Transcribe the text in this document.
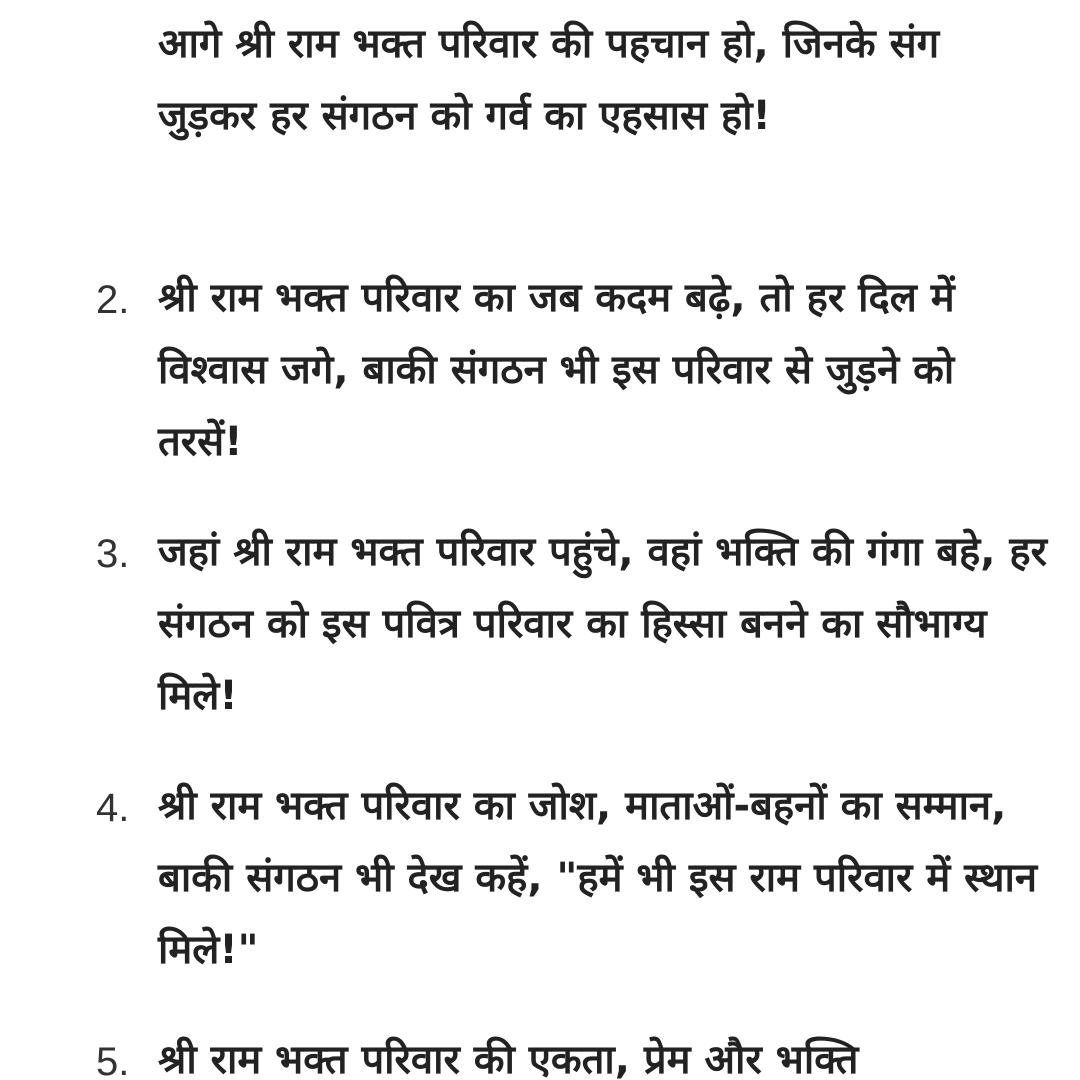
आगे श्री राम भक्त परिवार की पहचान हो, जिनके संग जुड़कर हर संगठन को गर्व का एहसास हो!
2. श्री राम भक्त परिवार का जब कदम बढ़े, तो हर दिल में विश्वास जगे, बाकी संगठन भी इस परिवार से जुड़ने को तरसें!
3. जहां श्री राम भक्त परिवार पहुंचे, वहां भक्ति की गंगा बहे, हर संगठन को इस पवित्र परिवार का हिस्सा बनने का सौभाग्य मिले!
4. श्री राम भक्त परिवार का जोश, माताओं-बहनों का सम्मान, बाकी संगठन भी देख कहें, "हमें भी इस राम परिवार में स्थान मिले!"
5. श्री राम भक्त परिवार की एकता, प्रेम और भक्ति
